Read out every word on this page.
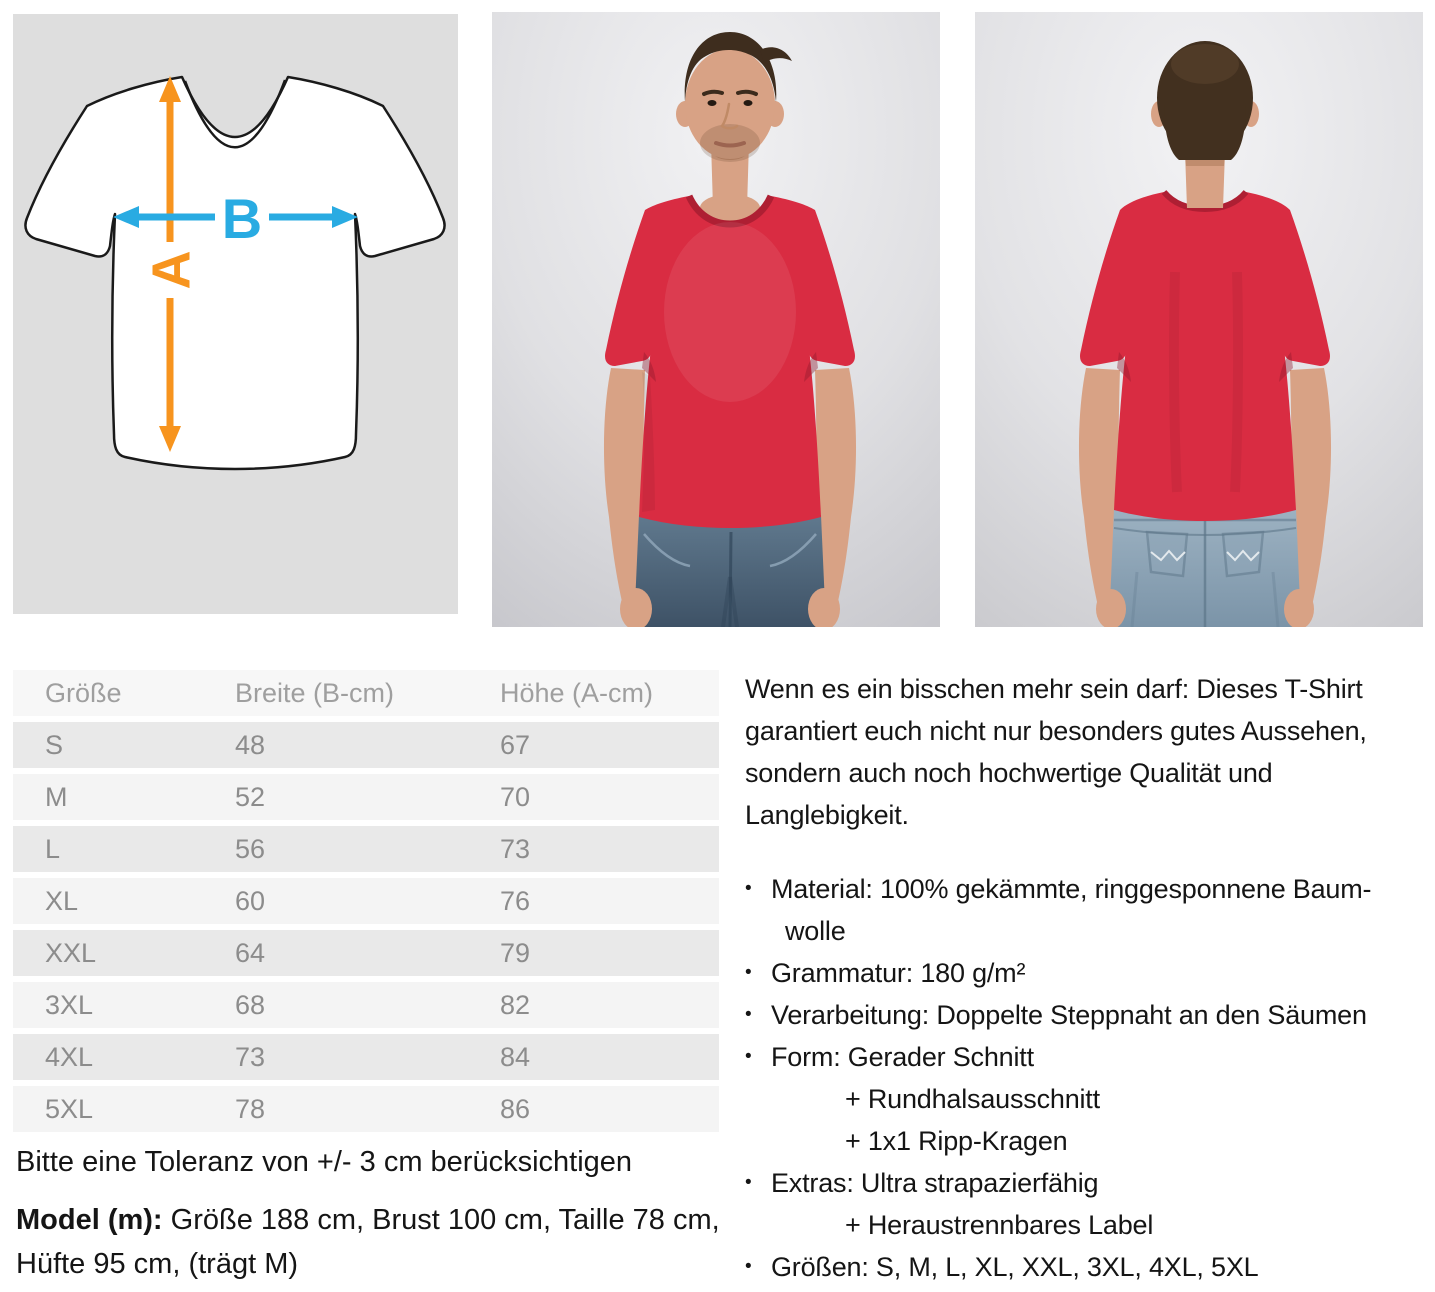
A
B
Größe	Breite (B-cm)	Höhe (A-cm)
S	48	67
M	52	70
L	56	73
XL	60	76
XXL	64	79
3XL	68	82
4XL	73	84
5XL	78	86
Bitte eine Toleranz von +/- 3 cm berücksichtigen
Model (m): Größe 188 cm, Brust 100 cm, Taille 78 cm,
Hüfte 95 cm, (trägt M)
Wenn es ein bisschen mehr sein darf: Dieses T-Shirt
garantiert euch nicht nur besonders gutes Aussehen,
sondern auch noch hochwertige Qualität und
Langlebigkeit.
• Material: 100% gekämmte, ringgesponnene Baum-
wolle
• Grammatur: 180 g/m²
• Verarbeitung: Doppelte Steppnaht an den Säumen
• Form: Gerader Schnitt
+ Rundhalsausschnitt
+ 1x1 Ripp-Kragen
• Extras: Ultra strapazierfähig
+ Heraustrennbares Label
• Größen: S, M, L, XL, XXL, 3XL, 4XL, 5XL
